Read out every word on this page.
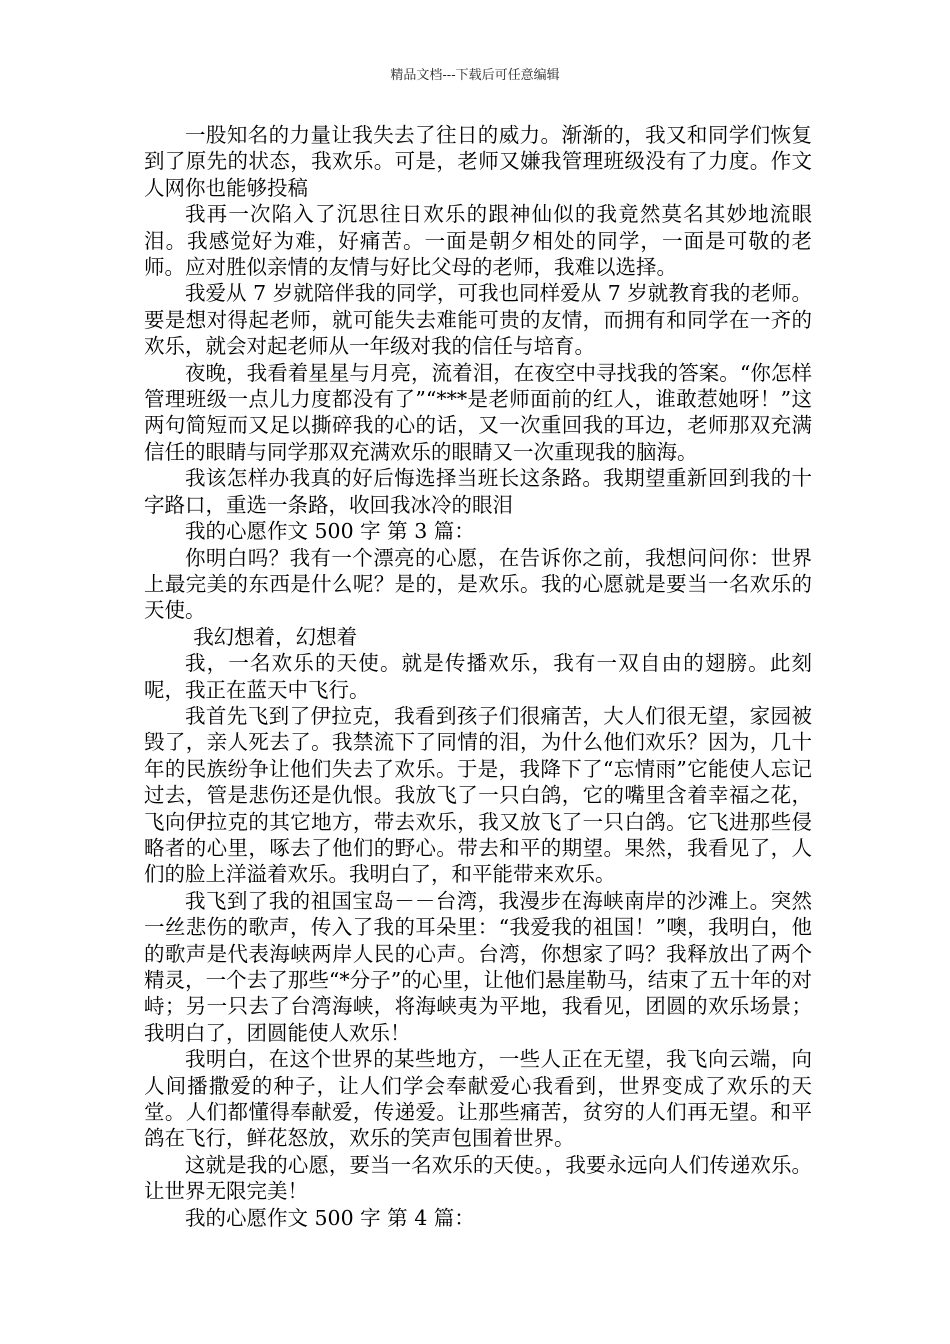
精品文档---下载后可任意编辑

一股知名的力量让我失去了往日的威力。渐渐的，我又和同学们恢复到了原先的状态，我欢乐。可是，老师又嫌我管理班级没有了力度。作文人网你也能够投稿

我再一次陷入了沉思往日欢乐的跟神仙似的我竟然莫名其妙地流眼泪。我感觉好为难，好痛苦。一面是朝夕相处的同学，一面是可敬的老师。应对胜似亲情的友情与好比父母的老师，我难以选择。

我爱从 7 岁就陪伴我的同学，可我也同样爱从 7 岁就教育我的老师。要是想对得起老师，就可能失去难能可贵的友情，而拥有和同学在一齐的欢乐，就会对起老师从一年级对我的信任与培育。

夜晚，我看着星星与月亮，流着泪，在夜空中寻找我的答案。“你怎样管理班级一点儿力度都没有了”“***是老师面前的红人，谁敢惹她呀！”这两句简短而又足以撕碎我的心的话，又一次重回我的耳边，老师那双充满信任的眼睛与同学那双充满欢乐的眼睛又一次重现我的脑海。

我该怎样办我真的好后悔选择当班长这条路。我期望重新回到我的十字路口，重选一条路，收回我冰冷的眼泪

我的心愿作文 500 字 第 3 篇：

你明白吗？我有一个漂亮的心愿，在告诉你之前，我想问问你：世界上最完美的东西是什么呢？是的，是欢乐。我的心愿就是要当一名欢乐的天使。

我幻想着，幻想着

我，一名欢乐的天使。就是传播欢乐，我有一双自由的翅膀。此刻呢，我正在蓝天中飞行。

我首先飞到了伊拉克，我看到孩子们很痛苦，大人们很无望，家园被毁了，亲人死去了。我禁流下了同情的泪，为什么他们欢乐？因为，几十年的民族纷争让他们失去了欢乐。于是，我降下了“忘情雨”它能使人忘记过去，管是悲伤还是仇恨。我放飞了一只白鸽，它的嘴里含着幸福之花，飞向伊拉克的其它地方，带去欢乐，我又放飞了一只白鸽。它飞进那些侵略者的心里，啄去了他们的野心。带去和平的期望。果然，我看见了，人们的脸上洋溢着欢乐。我明白了，和平能带来欢乐。

我飞到了我的祖国宝岛－－台湾，我漫步在海峡南岸的沙滩上。突然一丝悲伤的歌声，传入了我的耳朵里：“我爱我的祖国！”噢，我明白，他的歌声是代表海峡两岸人民的心声。台湾，你想家了吗？我释放出了两个精灵，一个去了那些“*分子”的心里，让他们悬崖勒马，结束了五十年的对峙；另一只去了台湾海峡，将海峡夷为平地，我看见，团圆的欢乐场景；我明白了，团圆能使人欢乐！

我明白，在这个世界的某些地方，一些人正在无望，我飞向云端，向人间播撒爱的种子，让人们学会奉献爱心我看到，世界变成了欢乐的天堂。人们都懂得奉献爱，传递爱。让那些痛苦，贫穷的人们再无望。和平鸽在飞行，鲜花怒放，欢乐的笑声包围着世界。

这就是我的心愿，要当一名欢乐的天使。，我要永远向人们传递欢乐。让世界无限完美！

我的心愿作文 500 字 第 4 篇：
